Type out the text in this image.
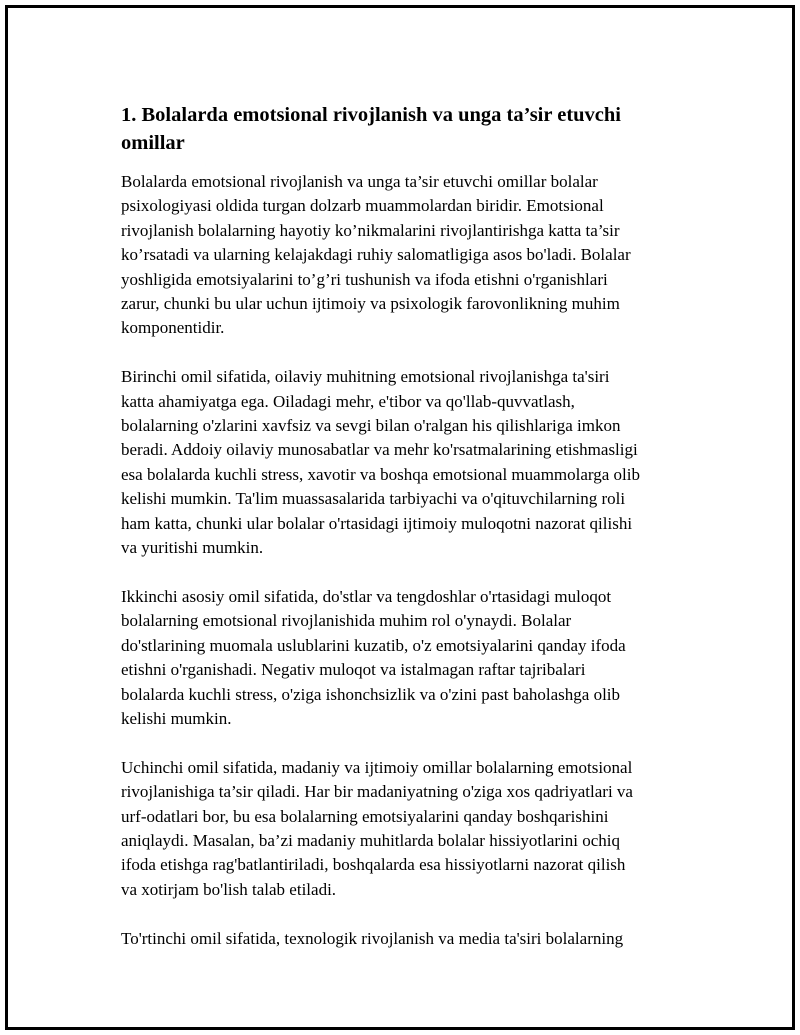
1. Bolalarda emotsional rivojlanish va unga ta’sir etuvchi
omillar

Bolalarda emotsional rivojlanish va unga ta’sir etuvchi omillar bolalar
psixologiyasi oldida turgan dolzarb muammolardan biridir. Emotsional
rivojlanish bolalarning hayotiy ko’nikmalarini rivojlantirishga katta ta’sir
ko’rsatadi va ularning kelajakdagi ruhiy salomatligiga asos bo'ladi. Bolalar
yoshligida emotsiyalarini to’g’ri tushunish va ifoda etishni o'rganishlari
zarur, chunki bu ular uchun ijtimoiy va psixologik farovonlikning muhim
komponentidir.

Birinchi omil sifatida, oilaviy muhitning emotsional rivojlanishga ta'siri
katta ahamiyatga ega. Oiladagi mehr, e'tibor va qo'llab-quvvatlash,
bolalarning o'zlarini xavfsiz va sevgi bilan o'ralgan his qilishlariga imkon
beradi. Addoiy oilaviy munosabatlar va mehr ko'rsatmalarining etishmasligi
esa bolalarda kuchli stress, xavotir va boshqa emotsional muammolarga olib
kelishi mumkin. Ta'lim muassasalarida tarbiyachi va o'qituvchilarning roli
ham katta, chunki ular bolalar o'rtasidagi ijtimoiy muloqotni nazorat qilishi
va yuritishi mumkin.

Ikkinchi asosiy omil sifatida, do'stlar va tengdoshlar o'rtasidagi muloqot
bolalarning emotsional rivojlanishida muhim rol o'ynaydi. Bolalar
do'stlarining muomala uslublarini kuzatib, o'z emotsiyalarini qanday ifoda
etishni o'rganishadi. Negativ muloqot va istalmagan raftar tajribalari
bolalarda kuchli stress, o'ziga ishonchsizlik va o'zini past baholashga olib
kelishi mumkin.

Uchinchi omil sifatida, madaniy va ijtimoiy omillar bolalarning emotsional
rivojlanishiga ta’sir qiladi. Har bir madaniyatning o'ziga xos qadriyatlari va
urf-odatlari bor, bu esa bolalarning emotsiyalarini qanday boshqarishini
aniqlaydi. Masalan, ba’zi madaniy muhitlarda bolalar hissiyotlarini ochiq
ifoda etishga rag'batlantiriladi, boshqalarda esa hissiyotlarni nazorat qilish
va xotirjam bo'lish talab etiladi.

To'rtinchi omil sifatida, texnologik rivojlanish va media ta'siri bolalarning
